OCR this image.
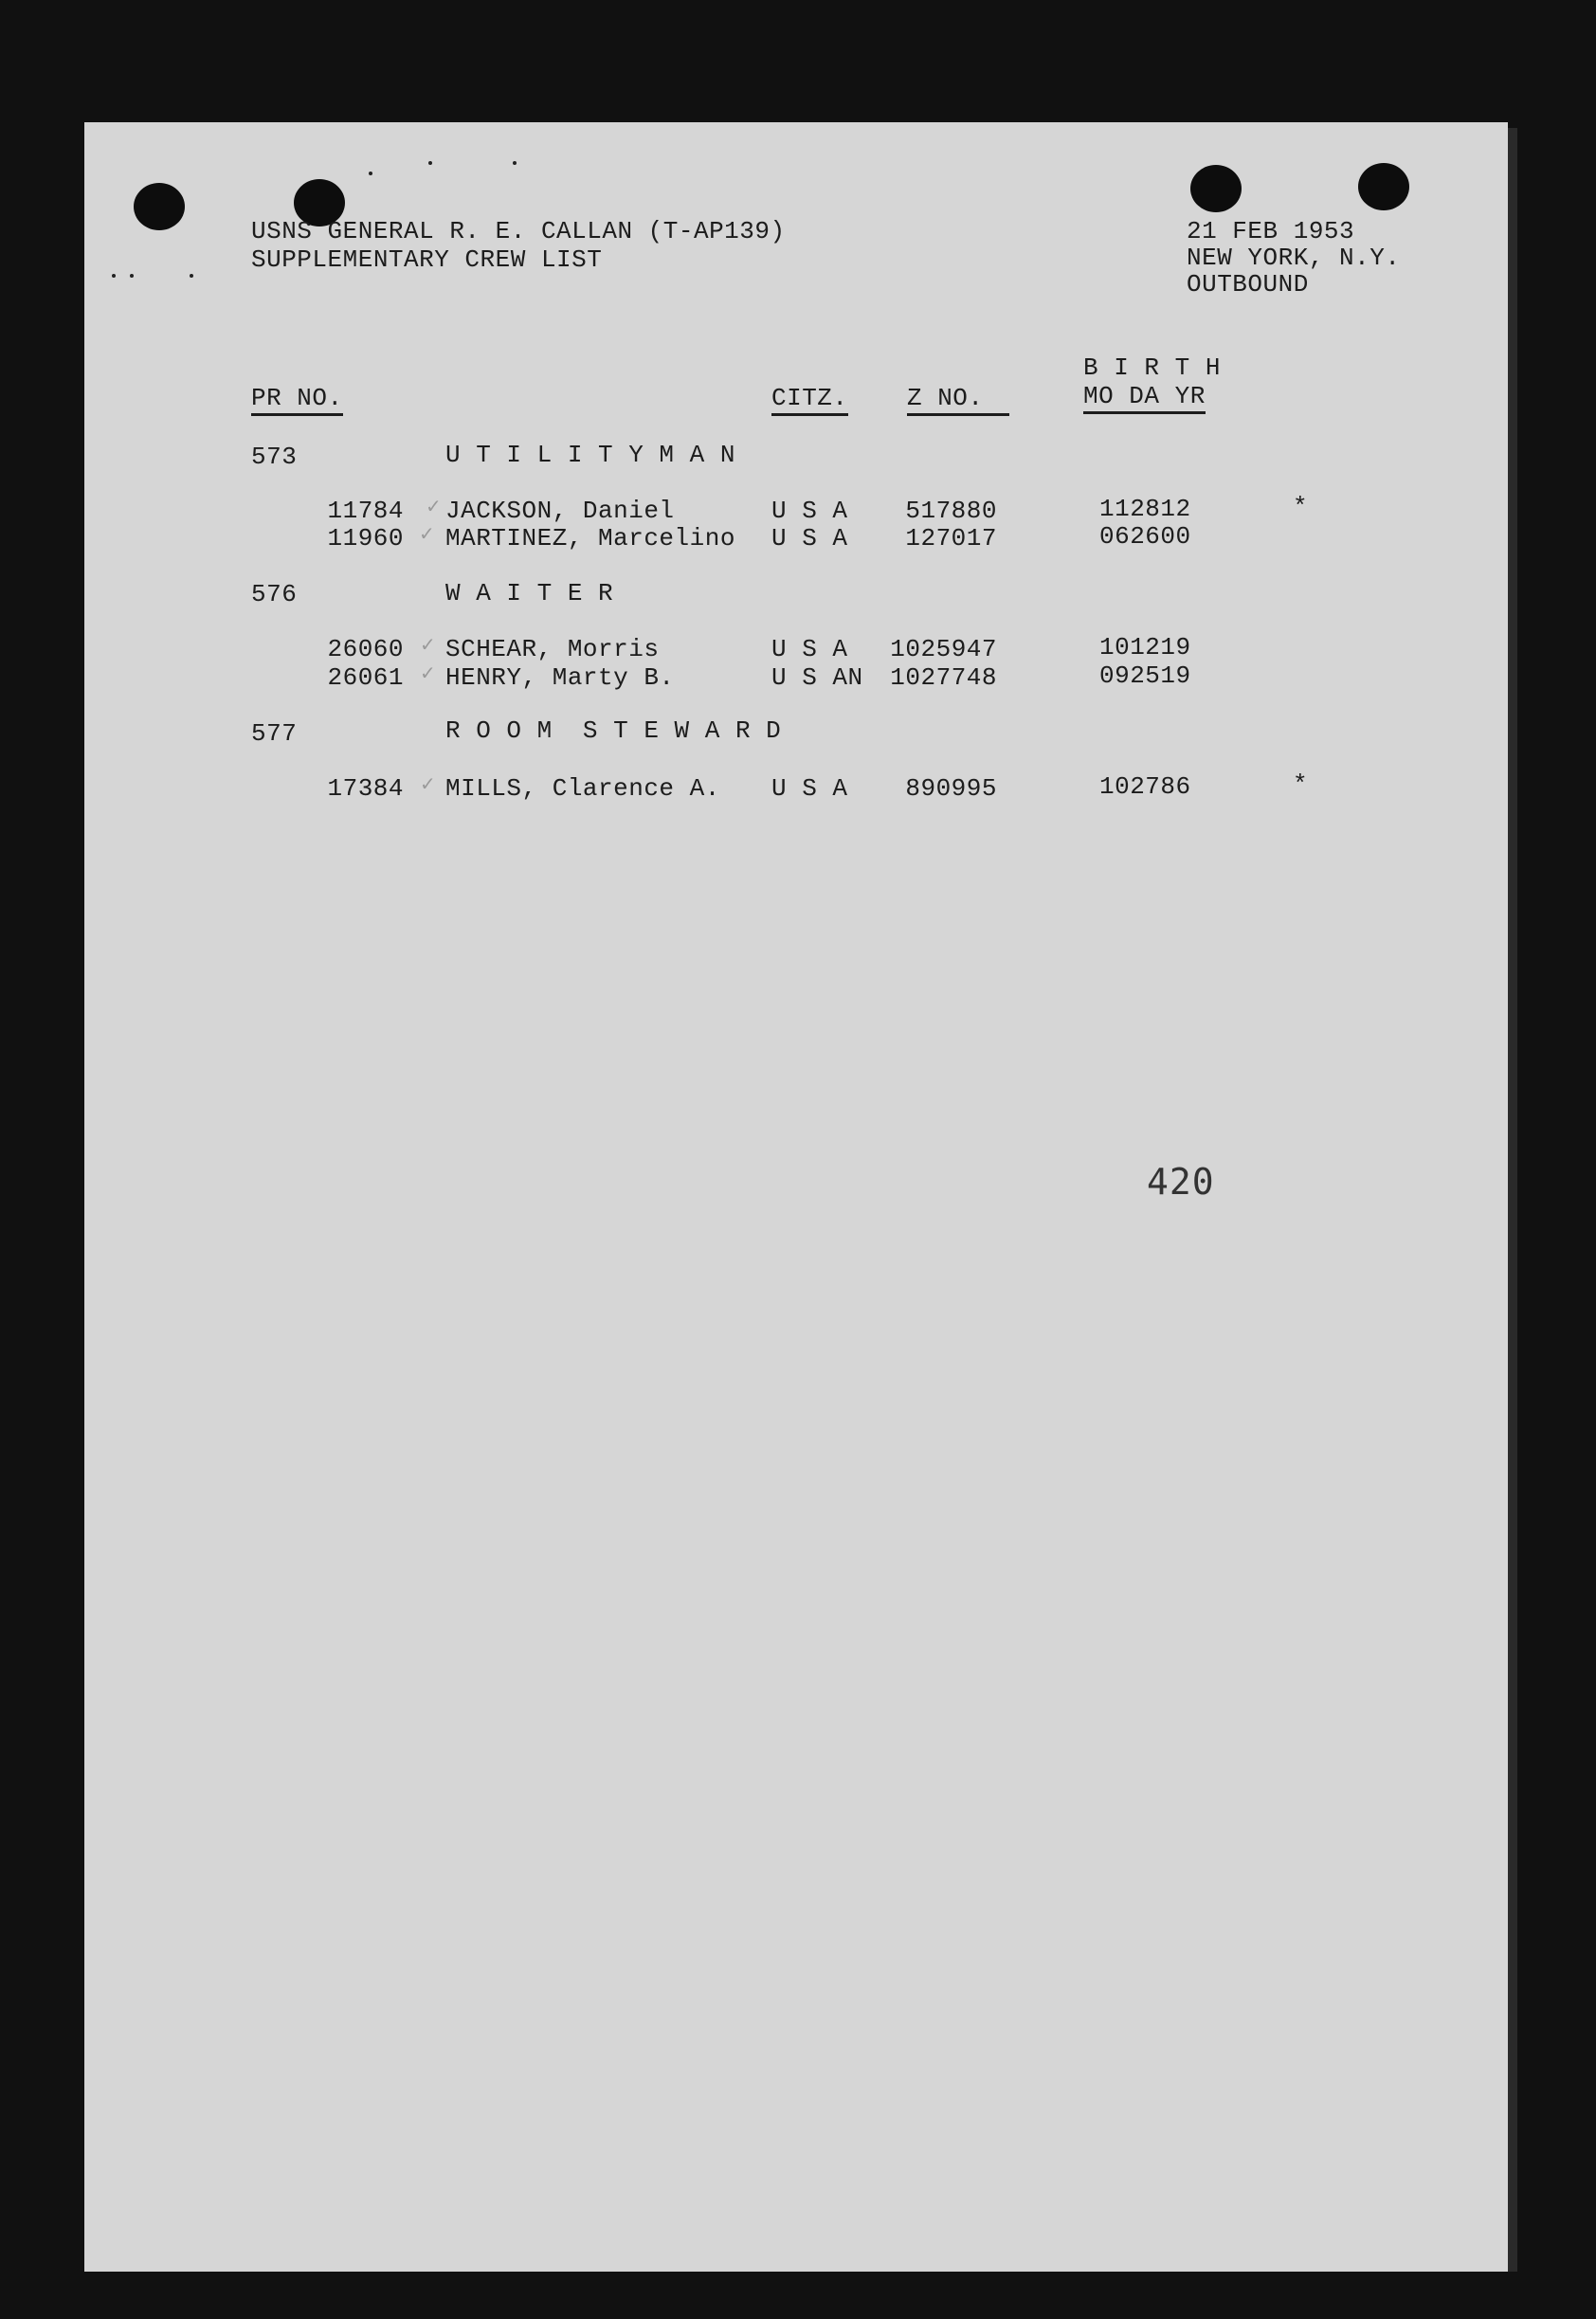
USNS GENERAL R. E. CALLAN (T-AP139)
SUPPLEMENTARY CREW LIST
21 FEB 1953
NEW YORK, N.Y.
OUTBOUND
PR NO.	CITZ. Z NO.
B I R T H
MO DA YR
573	U T I L I T Y M A N
11784 ✓ JACKSON, Daniel	U S A	517880	112812	*
11960 ✓ MARTINEZ, Marcelino U S A	127017	062600
576	W A I T E R
26060 ✓ SCHEAR, Morris	U S A	1025947	101219
26061 ✓ HENRY, Marty B.	U S AN	1027748	092519
577	R O O M  S T E W A R D
17384 ✓ MILLS, Clarence A. U S A	890995	102786	*
420
